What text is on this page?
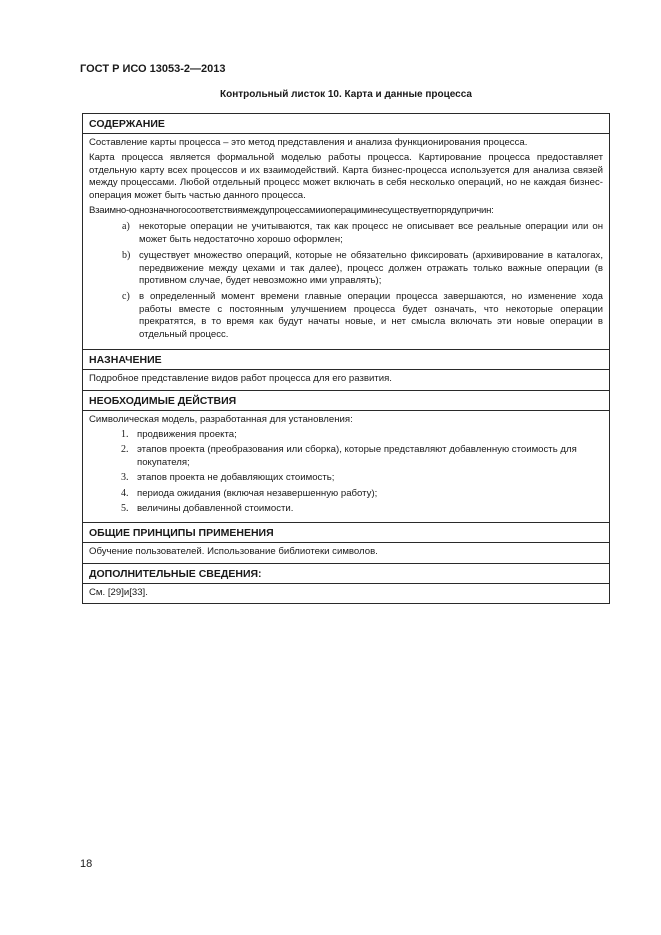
ГОСТ Р ИСО 13053-2—2013
Контрольный листок 10. Карта и данные процесса
СОДЕРЖАНИЕ

Составление карты процесса – это метод представления и анализа функционирования процесса.

Карта процесса является формальной моделью работы процесса. Картирование процесса предоставляет отдельную карту всех процессов и их взаимодействий. Карта бизнес-процесса используется для анализа связей между процессами. Любой отдельный процесс может включать в себя несколько операций, но не каждая бизнес-операция может быть частью данного процесса.

Взаимно-однозначногосоответствиямеждупроцессамииоперациминесуществуетпорядупричин:

a) некоторые операции не учитываются, так как процесс не описывает все реальные операции или он может быть недостаточно хорошо оформлен;
b) существует множество операций, которые не обязательно фиксировать (архивирование в каталогах, передвижение между цехами и так далее), процесс должен отражать только важные операции (в противном случае, будет невозможно ими управлять);
c) в определенный момент времени главные операции процесса завершаются, но изменение хода работы вместе с постоянным улучшением процесса будет означать, что некоторые операции прекратятся, в то время как будут начаты новые, и нет смысла включать эти новые операции в отдельный процесс.
НАЗНАЧЕНИЕ

Подробное представление видов работ процесса для его развития.

НЕОБХОДИМЫЕ ДЕЙСТВИЯ

Символическая модель, разработанная для установления:

1. продвижения проекта;
2. этапов проекта (преобразования или сборка), которые представляют добавленную стоимость для покупателя;
3. этапов проекта не добавляющих стоимость;
4. периода ожидания (включая незавершенную работу);
5. величины добавленной стоимости.
ОБЩИЕ ПРИНЦИПЫ ПРИМЕНЕНИЯ

Обучение пользователей. Использование библиотеки символов.

ДОПОЛНИТЕЛЬНЫЕ СВЕДЕНИЯ:

См. [29]и[33].

18
